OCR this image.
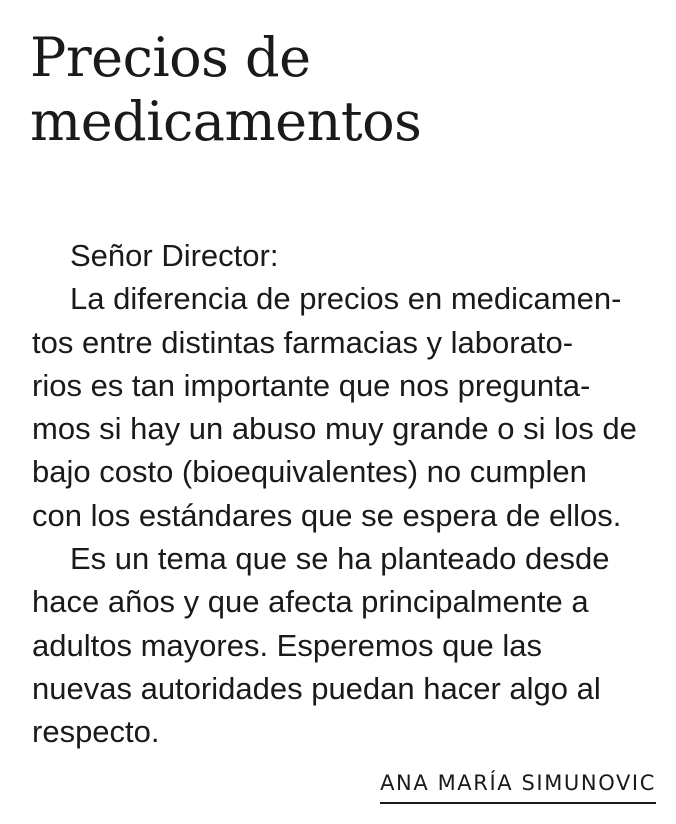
Precios de
medicamentos
Señor Director:
La diferencia de precios en medicamen-
tos entre distintas farmacias y laborato-
rios es tan importante que nos pregunta-
mos si hay un abuso muy grande o si los de
bajo costo (bioequivalentes) no cumplen
con los estándares que se espera de ellos.
Es un tema que se ha planteado desde
hace años y que afecta principalmente a
adultos mayores. Esperemos que las
nuevas autoridades puedan hacer algo al
respecto.
ANA MARÍA SIMUNOVIC
